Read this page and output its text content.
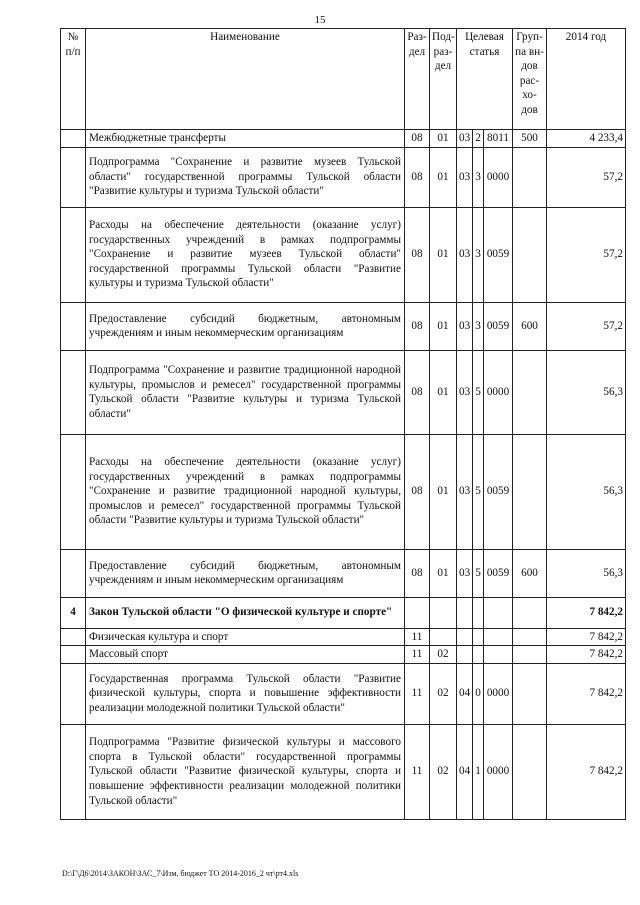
15
№ п/п	Наименование	Раз-дел	Под-раз-дел	Целевая статья			Груп-па вн-дов рас-хо-дов	2014 год
	Межбюджетные трансферты	08	01	03	2	8011	500	4 233,4
	Подпрограмма "Сохранение и развитие музеев Тульской области" государственной программы Тульской области "Развитие культуры и туризма Тульской области"	08	01	03	3	0000		57,2
	Расходы на обеспечение деятельности (оказание услуг) государственных учреждений в рамках подпрограммы "Сохранение и развитие музеев Тульской области" государственной программы Тульской области "Развитие культуры и туризма Тульской области"	08	01	03	3	0059		57,2
	Предоставление субсидий бюджетным, автономным учреждениям и иным некоммерческим организациям	08	01	03	3	0059	600	57,2
	Подпрограмма "Сохранение и развитие традиционной народной культуры, промыслов и ремесел" государственной программы Тульской области "Развитие культуры и туризма Тульской области"	08	01	03	5	0000		56,3
	Расходы на обеспечение деятельности (оказание услуг) государственных учреждений в рамках подпрограммы "Сохранение и развитие традиционной народной культуры, промыслов и ремесел" государственной программы Тульской области "Развитие культуры и туризма Тульской области"	08	01	03	5	0059		56,3
	Предоставление субсидий бюджетным, автономным учреждениям и иным некоммерческим организациям	08	01	03	5	0059	600	56,3
4	Закон Тульской области "О физической культуре и спорте"							7 842,2
	Физическая культура и спорт	11						7 842,2
	Массовый спорт	11	02					7 842,2
	Государственная программа Тульской области "Развитие физической культуры, спорта и повышение эффективности реализации молодежной политики Тульской области"	11	02	04	0	0000		7 842,2
	Подпрограмма "Развитие физической культуры и массового спорта в Тульской области" государственной программы Тульской области "Развитие физической культуры, спорта и повышение эффективности реализации молодежной политики Тульской области"	11	02	04	1	0000		7 842,2
D:\Г\Д6\2014\ЗАКОН\ЗАС_7\Изм. бюджет ТО 2014-2016_2 чт\рт4.xls
